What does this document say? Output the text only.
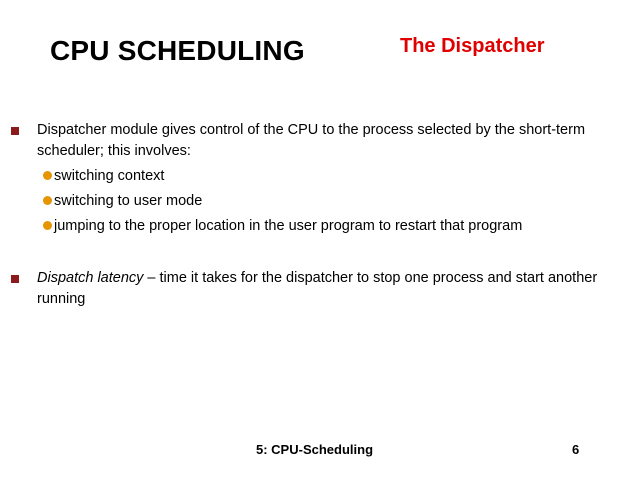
CPU SCHEDULING	The Dispatcher
Dispatcher module gives control of the CPU to the process selected by the short-term scheduler; this involves:
switching context
switching to user mode
jumping to the proper location in the user program to restart that program
Dispatch latency – time it takes for the dispatcher to stop one process and start another running
5: CPU-Scheduling	6
